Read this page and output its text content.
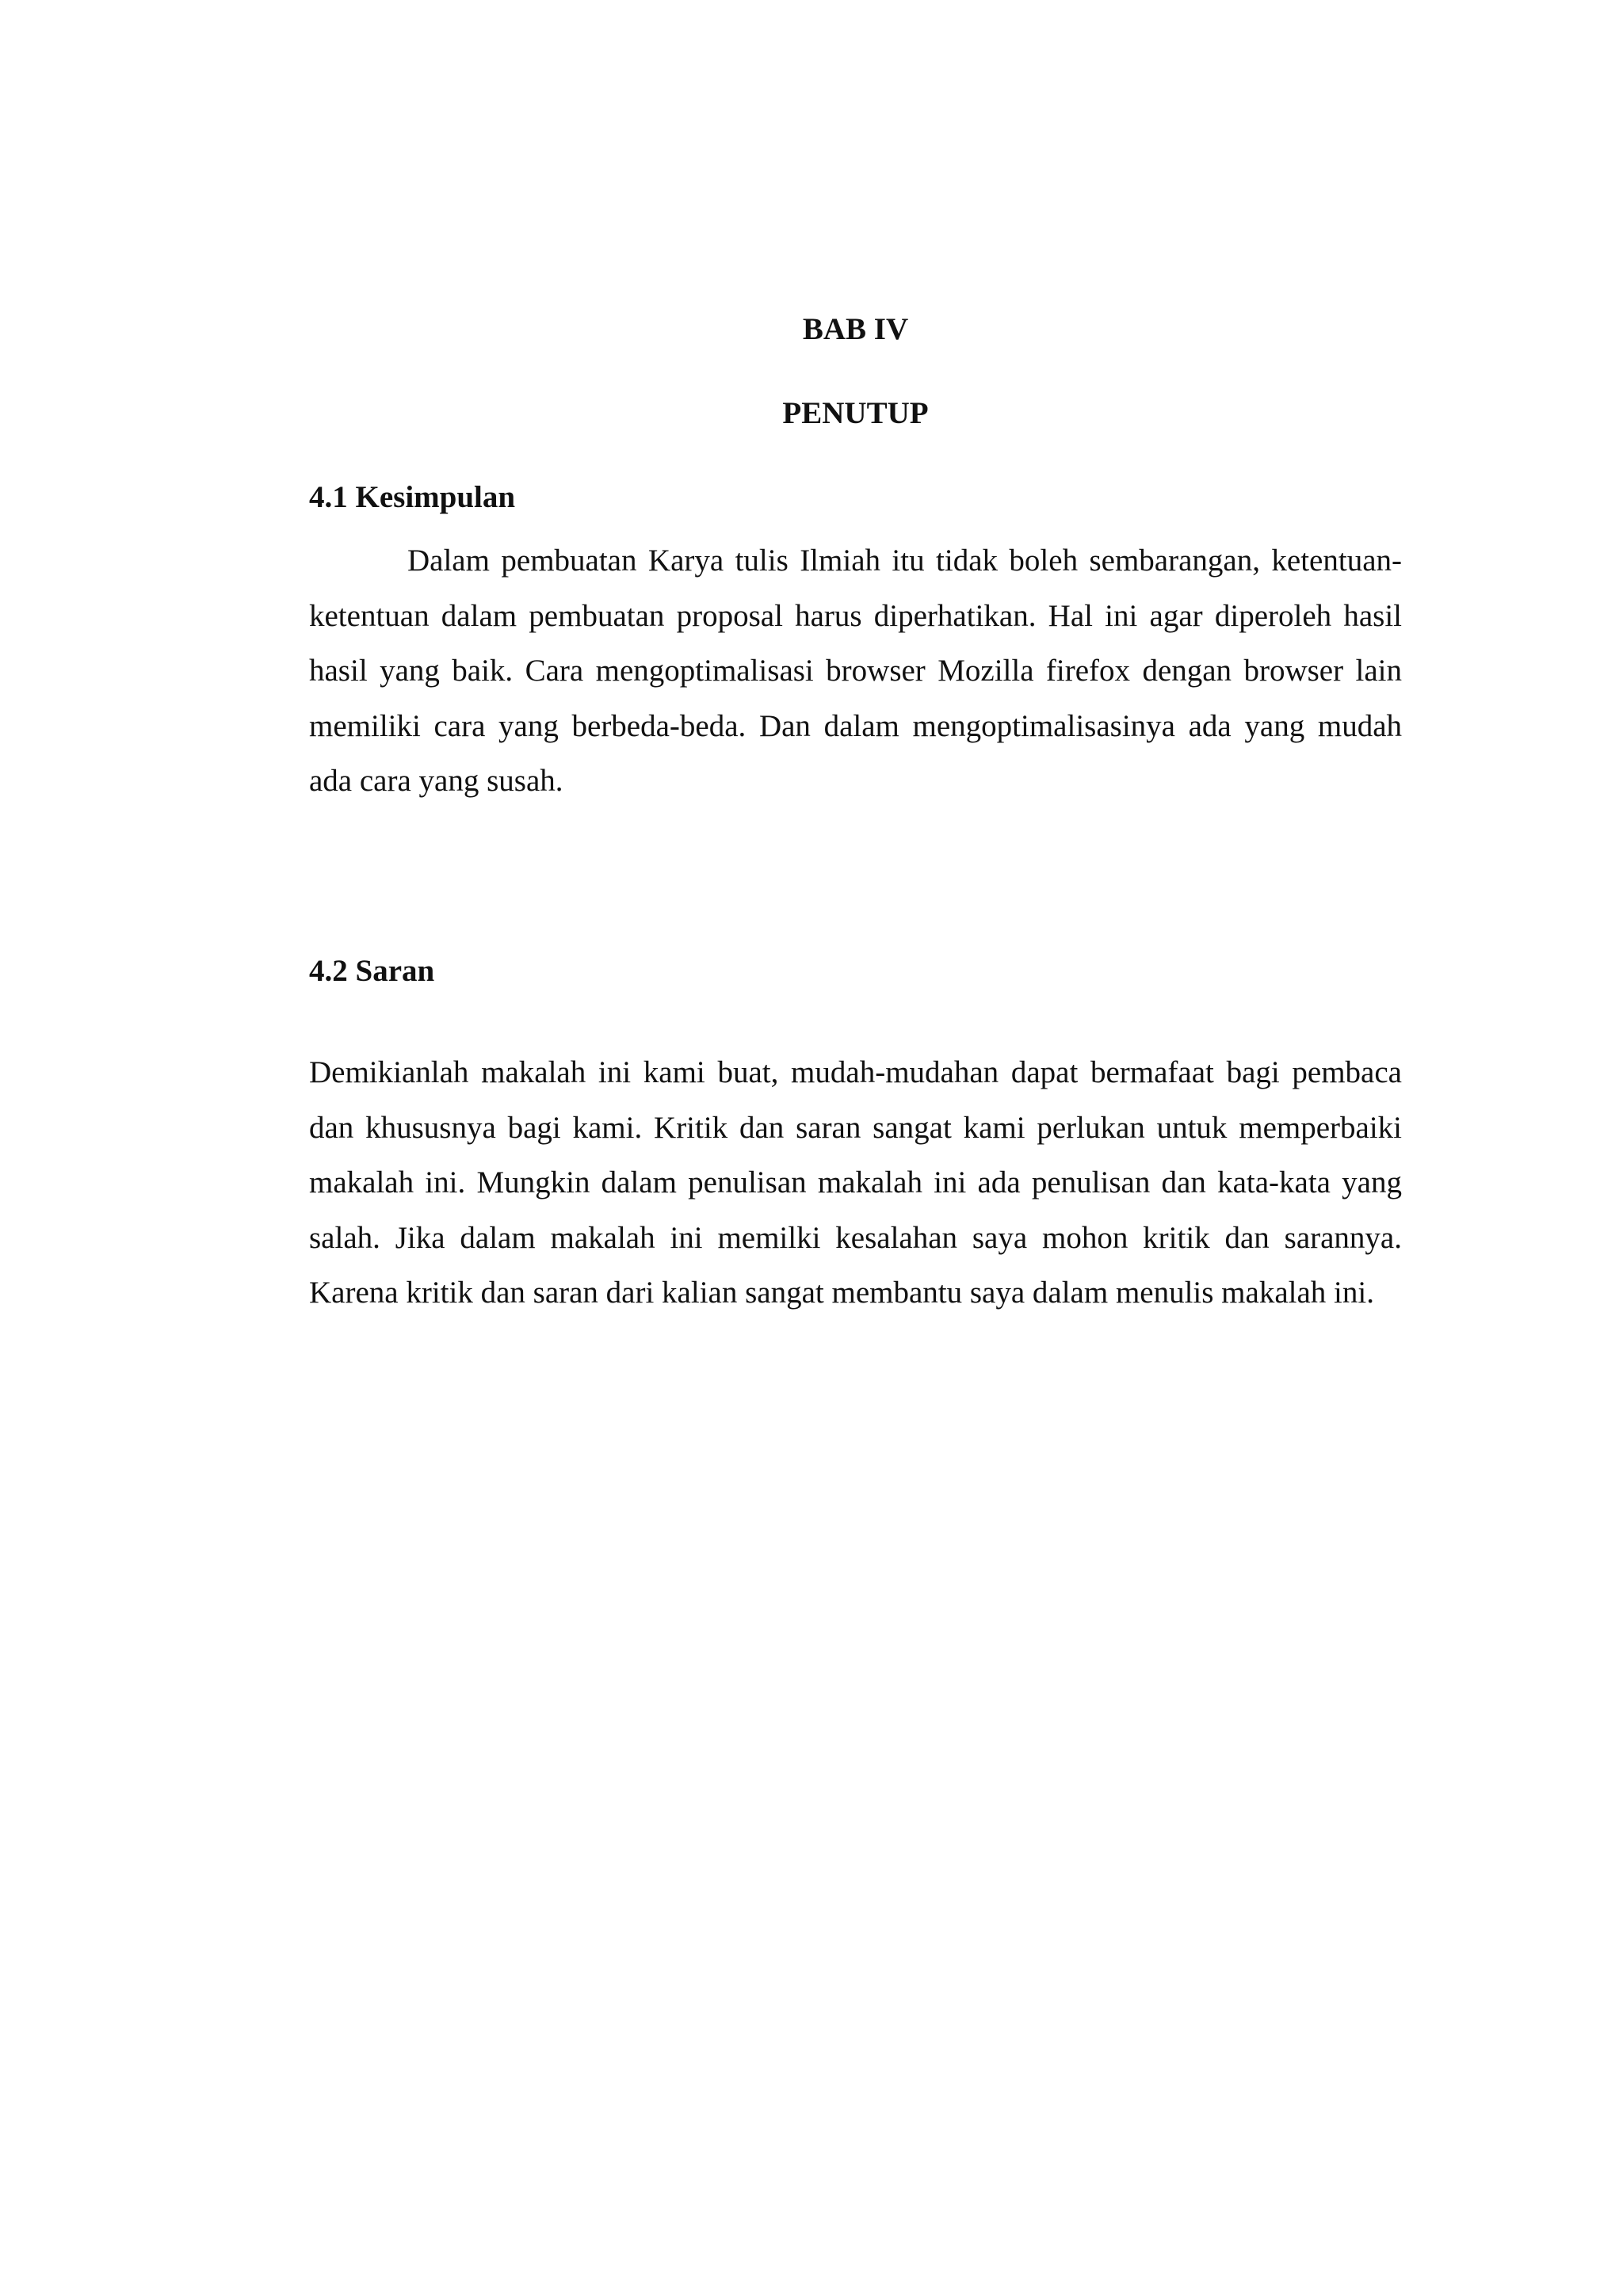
BAB IV
PENUTUP
4.1 Kesimpulan

Dalam pembuatan Karya tulis Ilmiah itu tidak boleh sembarangan, ketentuan-ketentuan dalam pembuatan proposal harus diperhatikan. Hal ini agar diperoleh hasil hasil yang baik. Cara mengoptimalisasi browser Mozilla firefox dengan browser lain memiliki cara yang berbeda-beda. Dan dalam mengoptimalisasinya ada yang mudah ada cara yang susah.

4.2 Saran

Demikianlah makalah ini kami buat, mudah-mudahan dapat bermafaat bagi pembaca dan khususnya bagi kami. Kritik dan saran sangat kami perlukan untuk memperbaiki makalah ini. Mungkin dalam penulisan makalah ini ada penulisan dan kata-kata yang salah. Jika dalam makalah ini memilki kesalahan saya mohon kritik dan sarannya. Karena kritik dan saran dari kalian sangat membantu saya dalam menulis makalah ini.
